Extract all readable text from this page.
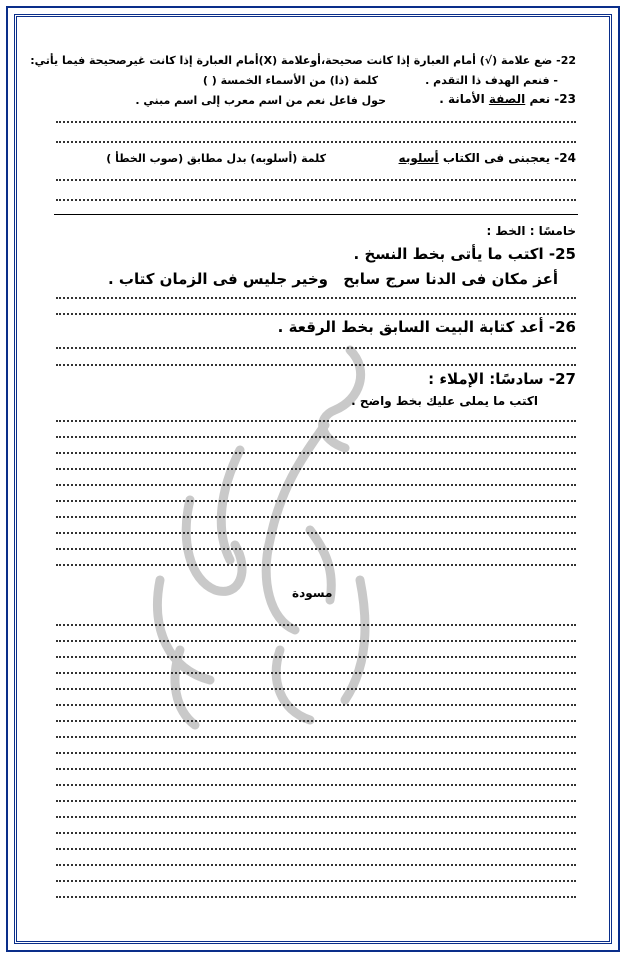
22- ضع علامة (√) أمام العبارة إذا كانت صحيحة،أوعلامة (X)أمام العبارة إذا كانت غيرصحيحة فيما يأتي:
- فنعم الهدف ذا التقدم .
كلمة (ذا) من الأسماء الخمسة ( )
23- نعم الصفة الأمانة .
حول فاعل نعم من اسم معرب إلى اسم مبني .
24- يعجبنى فى الكتاب أسلوبه
كلمة (أسلوبه) بدل مطابق (صوب الخطأ )
خامسًا : الخط :
25- اكتب ما يأتى بخط النسخ .
أعز مكان فى الدنا سرج سابح
وخير جليس فى الزمان كتاب .
26- أعد كتابة البيت السابق بخط الرقعة .
27- سادسًا: الإملاء :
اكتب ما يملى عليك بخط واضح .
مسودة
